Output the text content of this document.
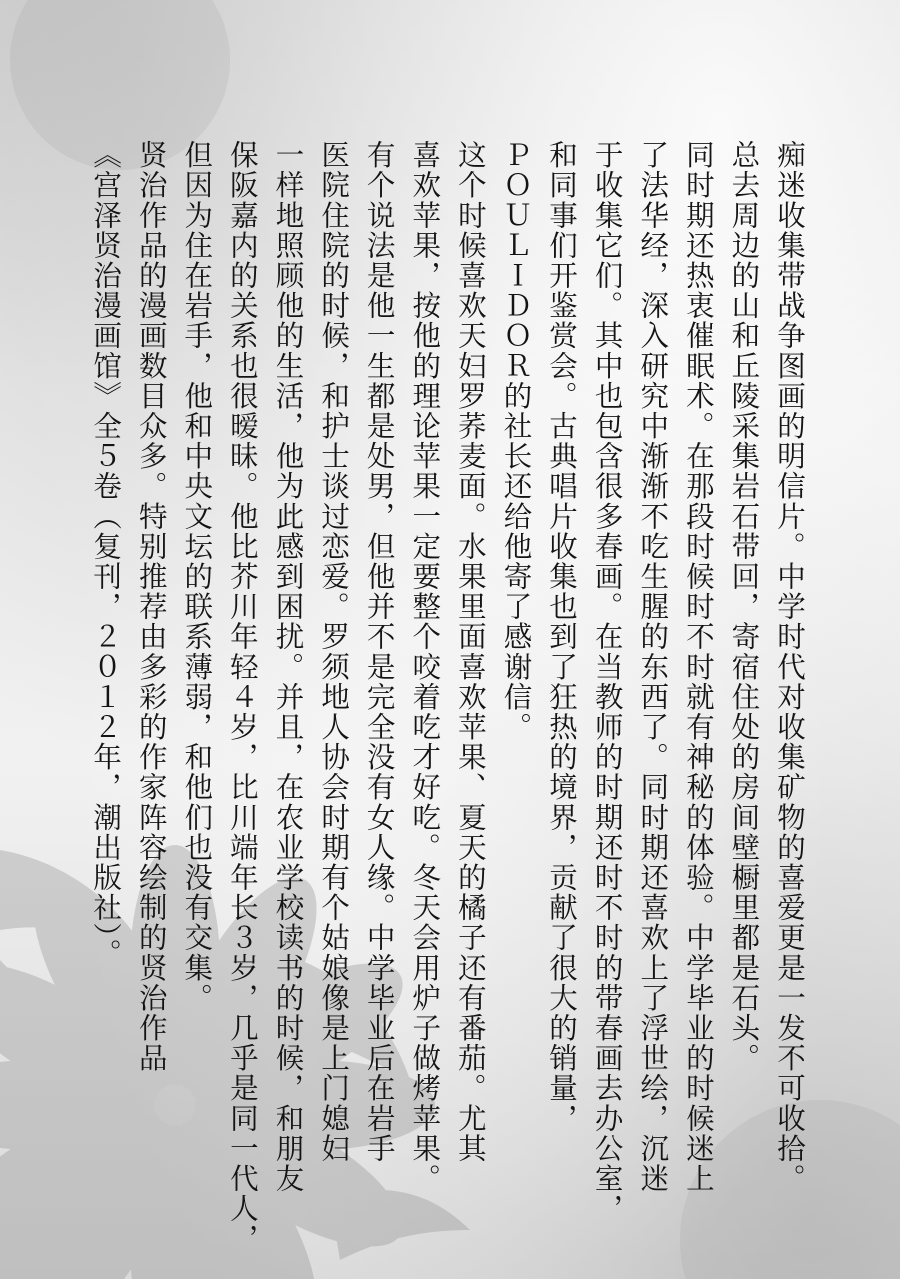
痴迷收集带战争图画的明信片。中学时代对收集矿物的喜爱更是一发不可收拾。

总去周边的山和丘陵采集岩石带回，寄宿住处的房间壁橱里都是石头。

同时期还热衷催眠术。在那段时候时不时就有神秘的体验。中学毕业的时候迷上

了法华经，深入研究中渐渐不吃生腥的东西了。同时期还喜欢上了浮世绘，沉迷

于收集它们。其中也包含很多春画。在当教师的时期还时不时的带春画去办公室，

和同事们开鉴赏会。古典唱片收集也到了狂热的境界，贡献了很大的销量，

ＰＯＵＬＩＤＯＲ的社长还给他寄了感谢信。

这个时候喜欢天妇罗荞麦面。水果里面喜欢苹果、夏天的橘子还有番茄。尤其

喜欢苹果，按他的理论苹果一定要整个咬着吃才好吃。冬天会用炉子做烤苹果。

有个说法是他一生都是处男，但他并不是完全没有女人缘。中学毕业后在岩手

医院住院的时候，和护士谈过恋爱。罗须地人协会时期有个姑娘像是上门媳妇

一样地照顾他的生活，他为此感到困扰。并且，在农业学校读书的时候，和朋友

保阪嘉内的关系也很暧昧。他比芥川年轻４岁，比川端年长３岁，几乎是同一代人，

但因为住在岩手，他和中央文坛的联系薄弱，和他们也没有交集。

贤治作品的漫画数目众多。特别推荐由多彩的作家阵容绘制的贤治作品

《宫泽贤治漫画馆》全５卷（复刊，２０１２年，潮出版社）。
